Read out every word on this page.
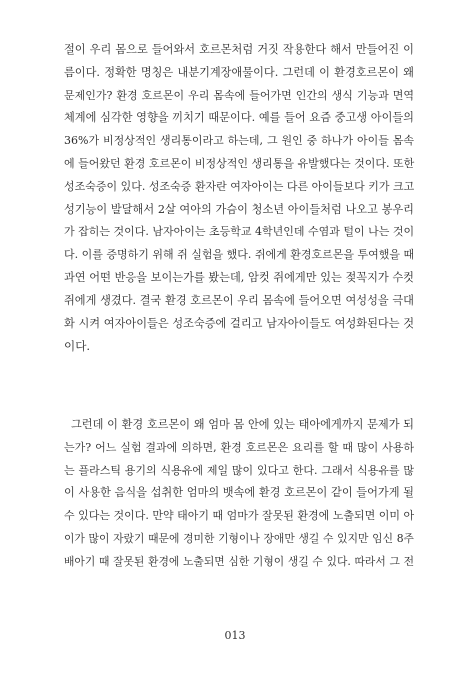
절이 우리 몸으로 들어와서 호르몬처럼 거짓 작용한다 해서 만들어진 이
름이다. 정확한 명칭은 내분기계장애물이다. 그런데 이 환경호르몬이 왜
문제인가? 환경 호르몬이 우리 몸속에 들어가면 인간의 생식 기능과 면역
체계에 심각한 영향을 끼치기 때문이다. 예를 들어 요즘 중고생 아이들의
36%가 비정상적인 생리통이라고 하는데, 그 원인 중 하나가 아이들 몸속
에 들어왔던 환경 호르몬이 비정상적인 생리통을 유발했다는 것이다. 또한
성조숙증이 있다. 성조숙증 환자란 여자아이는 다른 아이들보다 키가 크고
성기능이 발달해서 2살 여아의 가슴이 청소년 아이들처럼 나오고 봉우리
가 잡히는 것이다. 남자아이는 초등학교 4학년인데 수염과 털이 나는 것이
다. 이를 증명하기 위해 쥐 실험을 했다. 쥐에게 환경호르몬을 투여했을 때
과연 어떤 반응을 보이는가를 봤는데, 암컷 쥐에게만 있는 젖꼭지가 수컷
쥐에게 생겼다. 결국 환경 호르몬이 우리 몸속에 들어오면 여성성을 극대
화 시켜 여자아이들은 성조숙증에 걸리고 남자아이들도 여성화된다는 것
이다.
그런데 이 환경 호르몬이 왜 엄마 몸 안에 있는 태아에게까지 문제가 되
는가? 어느 실험 결과에 의하면, 환경 호르몬은 요리를 할 때 많이 사용하
는 플라스틱 용기의 식용유에 제일 많이 있다고 한다. 그래서 식용유를 많
이 사용한 음식을 섭취한 엄마의 뱃속에 환경 호르몬이 같이 들어가게 될
수 있다는 것이다. 만약 태아기 때 엄마가 잘못된 환경에 노출되면 이미 아
이가 많이 자랐기 때문에 경미한 기형이나 장애만 생길 수 있지만 임신 8주
배아기 때 잘못된 환경에 노출되면 심한 기형이 생길 수 있다. 따라서 그 전
013
